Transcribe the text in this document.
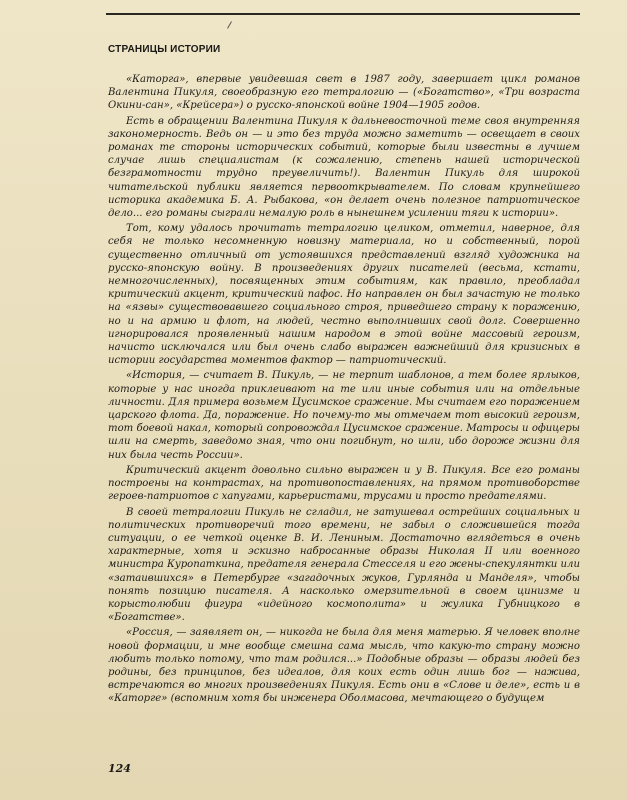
СТРАНИЦЫ ИСТОРИИ

«Каторга», впервые увидевшая свет в 1987 году, завершает цикл романов Валентина Пикуля, своеобразную его тетралогию — («Богатство», «Три возраста Окини-сан», «Крейсера») о русско-японской войне 1904—1905 годов.

Есть в обращении Валентина Пикуля к дальневосточной теме своя внутренняя закономерность. Ведь он — и это без труда можно заметить — освещает в своих романах те стороны исторических событий, которые были известны в лучшем случае лишь специалистам (к сожалению, степень нашей исторической безграмотности трудно преувеличить!). Валентин Пикуль для широкой читательской публики является первооткрывателем. По словам крупнейшего историка академика Б. А. Рыбакова, «он делает очень полезное патриотическое дело... его романы сыграли немалую роль в нынешнем усилении тяги к истории».

Тот, кому удалось прочитать тетралогию целиком, отметил, наверное, для себя не только несомненную новизну материала, но и собственный, порой существенно отличный от устоявшихся представлений взгляд художника на русско-японскую войну. В произведениях других писателей (весьма, кстати, немногочисленных), посвященных этим событиям, как правило, преобладал критический акцент, критический пафос. Но направлен он был зачастую не только на «язвы» существовавшего социального строя, приведшего страну к поражению, но и на армию и флот, на людей, честно выполнивших свой долг. Совершенно игнорировался проявленный нашим народом в этой войне массовый героизм, начисто исключался или был очень слабо выражен важнейший для кризисных в истории государства моментов фактор — патриотический.

«История, — считает В. Пикуль, — не терпит шаблонов, а тем более ярлыков, которые у нас иногда приклеивают на те или иные события или на отдельные личности. Для примера возьмем Цусимское сражение. Мы считаем его поражением царского флота. Да, поражение. Но почему-то мы отмечаем тот высокий героизм, тот боевой накал, который сопровождал Цусимское сражение. Матросы и офицеры шли на смерть, заведомо зная, что они погибнут, но шли, ибо дороже жизни для них была честь России».

Критический акцент довольно сильно выражен и у В. Пикуля. Все его романы построены на контрастах, на противопоставлениях, на прямом противоборстве героев-патриотов с хапугами, карьеристами, трусами и просто предателями.

В своей тетралогии Пикуль не сгладил, не затушевал острейших социальных и политических противоречий того времени, не забыл о сложившейся тогда ситуации, о ее четкой оценке В. И. Лениным. Достаточно вглядеться в очень характерные, хотя и эскизно набросанные образы Николая II или военного министра Куропаткина, предателя генерала Стесселя и его жены-спекулянтки или «затаившихся» в Петербурге «загадочных жуков, Гурлянда и Манделя», чтобы понять позицию писателя. А насколько омерзительной в своем цинизме и корыстолюбии фигура «идейного космополита» и жулика Губницкого в «Богатстве».

«Россия, — заявляет он, — никогда не была для меня матерью. Я человек вполне новой формации, и мне вообще смешна сама мысль, что какую-то страну можно любить только потому, что там родился...» Подобные образы — образы людей без родины, без принципов, без идеалов, для коих есть один лишь бог — нажива, встречаются во многих произведениях Пикуля. Есть они в «Слове и деле», есть и в «Каторге» (вспомним хотя бы инженера Оболмасова, мечтающего о будущем

124
